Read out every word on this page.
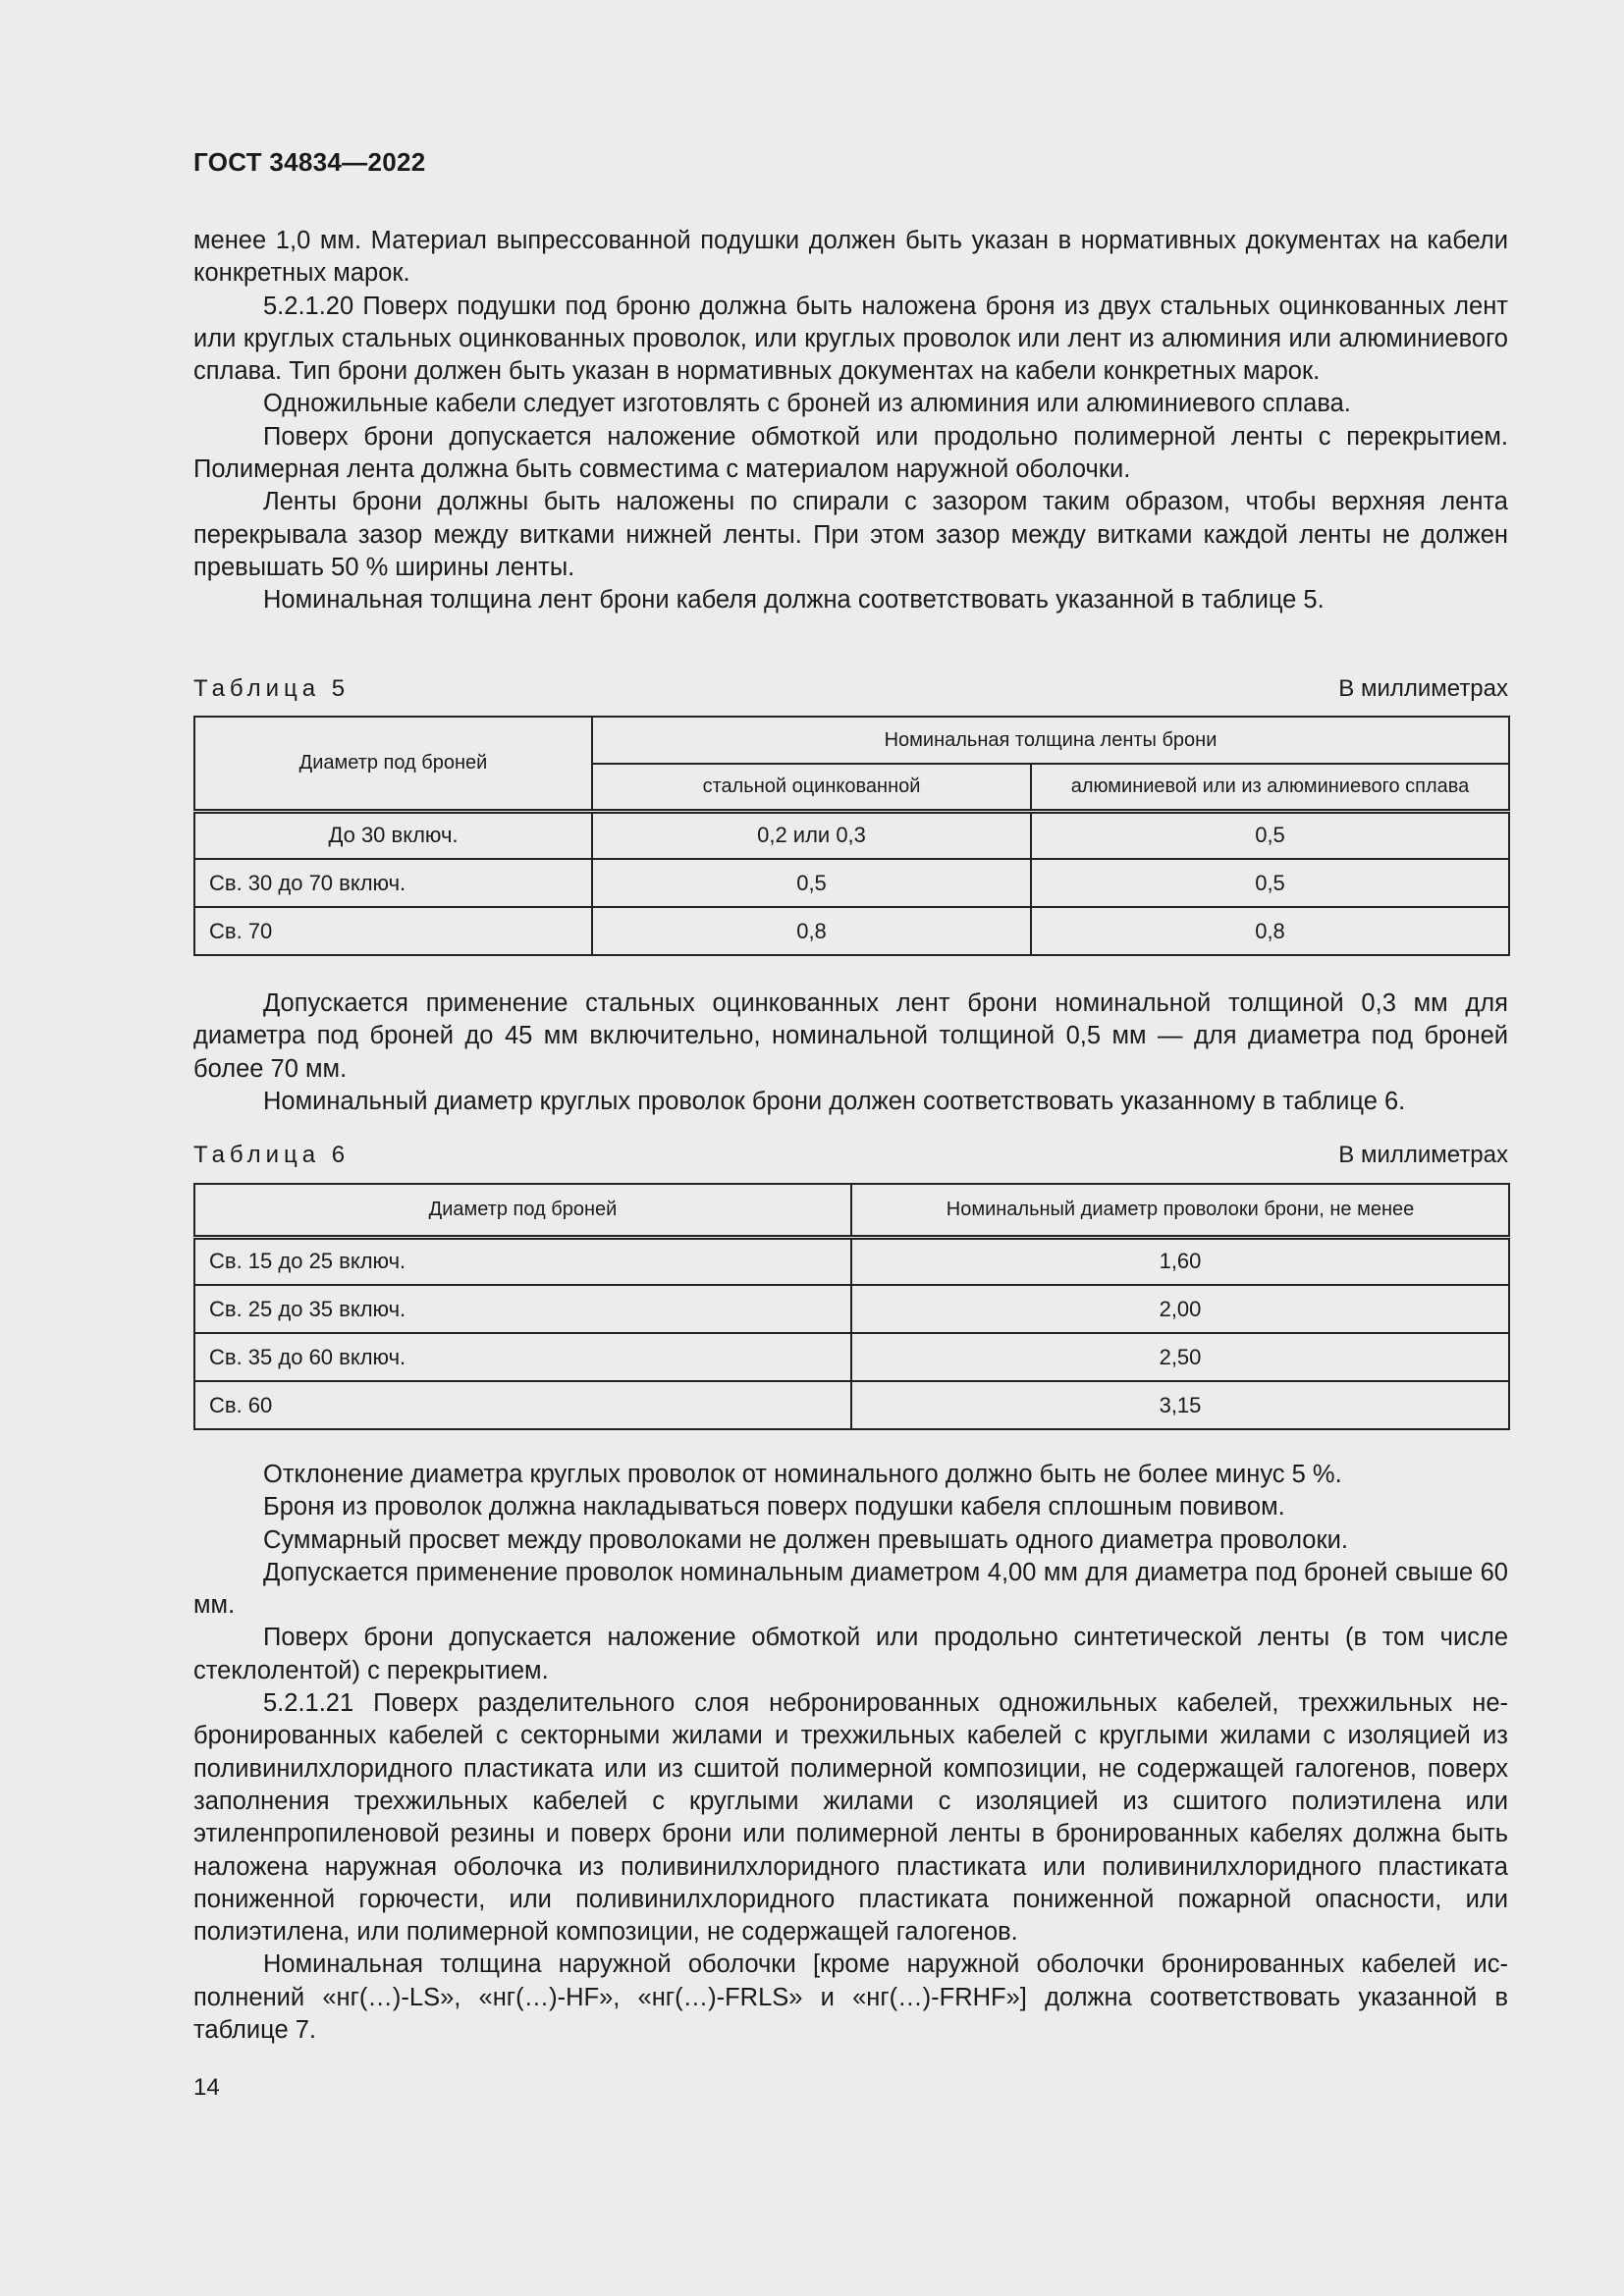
ГОСТ 34834—2022

менее 1,0 мм. Материал выпрессованной подушки должен быть указан в нормативных документах на кабели конкретных марок.

5.2.1.20 Поверх подушки под броню должна быть наложена броня из двух стальных оцинкованных лент или круглых стальных оцинкованных проволок, или круглых проволок или лент из алюминия или алюминиевого сплава. Тип брони должен быть указан в нормативных документах на кабели конкретных марок.

Одножильные кабели следует изготовлять с броней из алюминия или алюминиевого сплава.

Поверх брони допускается наложение обмоткой или продольно полимерной ленты с перекрытием. Полимерная лента должна быть совместима с материалом наружной оболочки.

Ленты брони должны быть наложены по спирали с зазором таким образом, чтобы верхняя лента перекрывала зазор между витками нижней ленты. При этом зазор между витками каждой ленты не должен превышать 50 % ширины ленты.

Номинальная толщина лент брони кабеля должна соответствовать указанной в таблице 5.

Таблица 5	В миллиметрах
Диаметр под броней	Номинальная толщина ленты брони	
	стальной оцинкованной	алюминиевой или из алюминиевого сплава
До 30 включ.	0,2 или 0,3	0,5
Св. 30 до 70 включ.	0,5	0,5
Св. 70	0,8	0,8

Допускается применение стальных оцинкованных лент брони номинальной толщиной 0,3 мм для диаметра под броней до 45 мм включительно, номинальной толщиной 0,5 мм — для диаметра под броней более 70 мм.

Номинальный диаметр круглых проволок брони должен соответствовать указанному в таблице 6.

Таблица 6	В миллиметрах
Диаметр под броней	Номинальный диаметр проволоки брони, не менее
Св. 15 до 25 включ.	1,60
Св. 25 до 35 включ.	2,00
Св. 35 до 60 включ.	2,50
Св. 60	3,15

Отклонение диаметра круглых проволок от номинального должно быть не более минус 5 %.

Броня из проволок должна накладываться поверх подушки кабеля сплошным повивом.

Суммарный просвет между проволоками не должен превышать одного диаметра проволоки.

Допускается применение проволок номинальным диаметром 4,00 мм для диаметра под броней свыше 60 мм.

Поверх брони допускается наложение обмоткой или продольно синтетической ленты (в том числе стеклолентой) с перекрытием.

5.2.1.21 Поверх разделительного слоя небронированных одножильных кабелей, трехжильных небронированных кабелей с секторными жилами и трехжильных кабелей с круглыми жилами с изоляцией из поливинилхлоридного пластиката или из сшитой полимерной композиции, не содержащей галогенов, поверх заполнения трехжильных кабелей с круглыми жилами с изоляцией из сшитого полиэтилена или этиленпропиленовой резины и поверх брони или полимерной ленты в бронированных кабелях должна быть наложена наружная оболочка из поливинилхлоридного пластиката или поливинилхлоридного пластиката пониженной горючести, или поливинилхлоридного пластиката пониженной пожарной опасности, или полиэтилена, или полимерной композиции, не содержащей галогенов.

Номинальная толщина наружной оболочки [кроме наружной оболочки бронированных кабелей исполнений «нг(…)-LS», «нг(…)-HF», «нг(…)-FRLS» и «нг(…)-FRHF»] должна соответствовать указанной в таблице 7.

14
